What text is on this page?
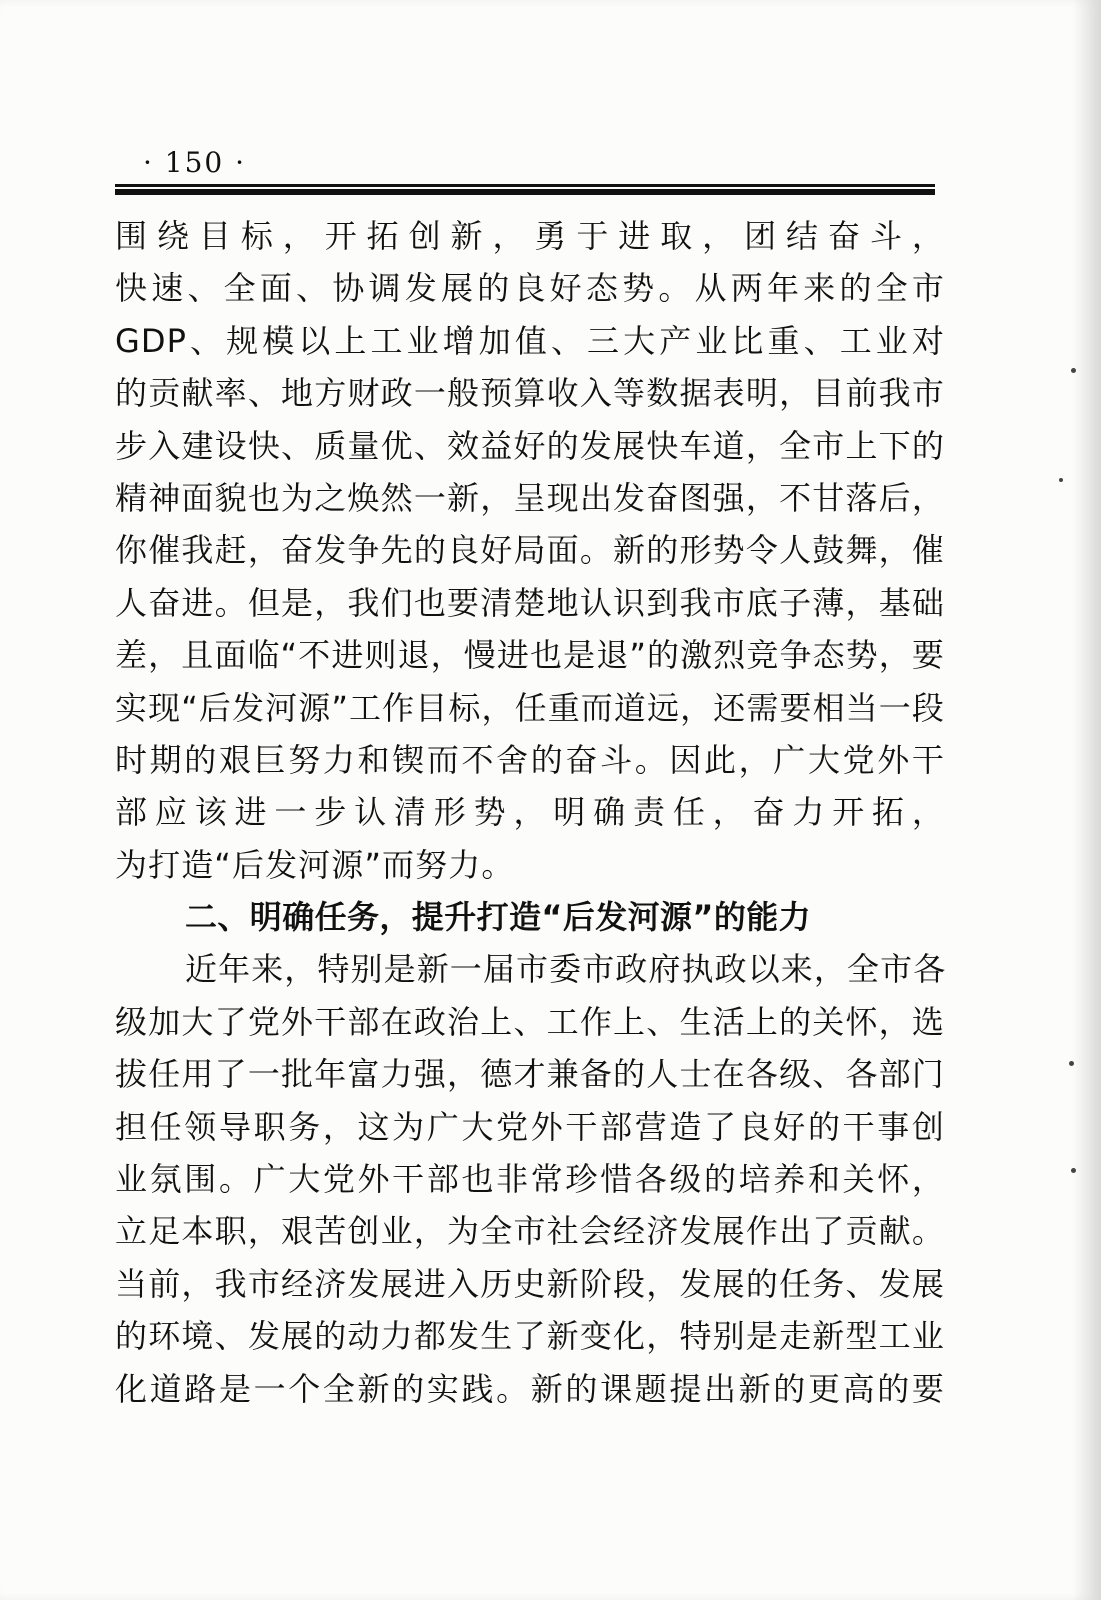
· 150 ·
围绕目标，开拓创新，勇于进取，团结奋斗，
快速、全面、协调发展的良好态势。从两年来的全市
GDP、规模以上工业增加值、三大产业比重、工业对
的贡献率、地方财政一般预算收入等数据表明，目前我市
步入建设快、质量优、效益好的发展快车道，全市上下的
精神面貌也为之焕然一新，呈现出发奋图强，不甘落后，
你催我赶，奋发争先的良好局面。新的形势令人鼓舞，催
人奋进。但是，我们也要清楚地认识到我市底子薄，基础
差，且面临“不进则退，慢进也是退”的激烈竞争态势，要
实现“后发河源”工作目标，任重而道远，还需要相当一段
时期的艰巨努力和锲而不舍的奋斗。因此，广大党外干
部应该进一步认清形势，明确责任，奋力开拓，
为打造“后发河源”而努力。
二、明确任务，提升打造“后发河源”的能力
近年来，特别是新一届市委市政府执政以来，全市各
级加大了党外干部在政治上、工作上、生活上的关怀，选
拔任用了一批年富力强，德才兼备的人士在各级、各部门
担任领导职务，这为广大党外干部营造了良好的干事创
业氛围。广大党外干部也非常珍惜各级的培养和关怀，
立足本职，艰苦创业，为全市社会经济发展作出了贡献。
当前，我市经济发展进入历史新阶段，发展的任务、发展
的环境、发展的动力都发生了新变化，特别是走新型工业
化道路是一个全新的实践。新的课题提出新的更高的要
